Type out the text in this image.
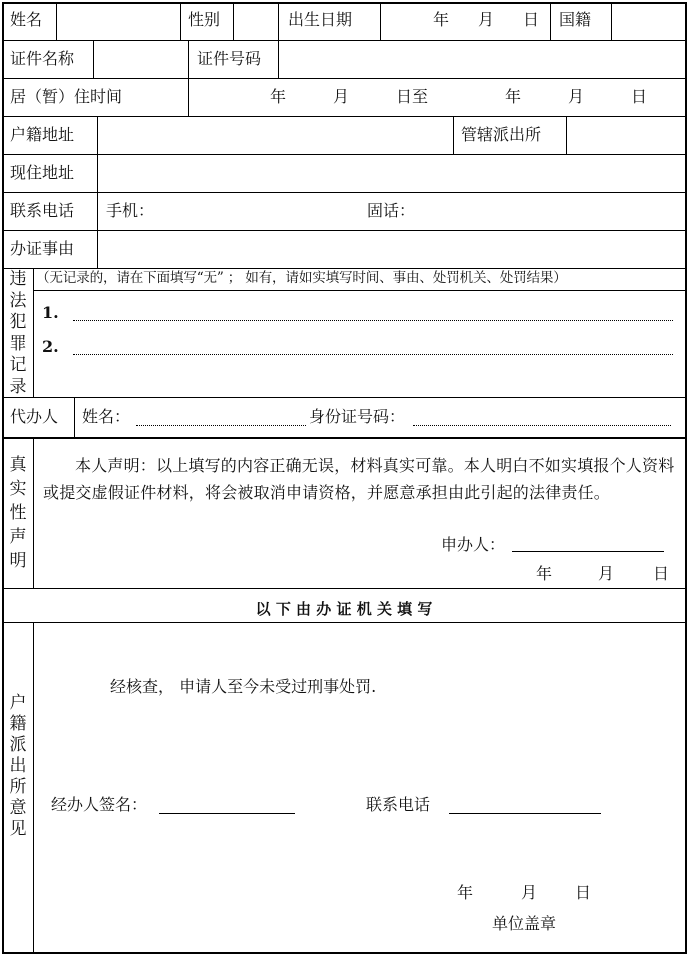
姓名	性别	出生日期	年 月 日 国籍
证件名称	证件号码
居（暂）住时间	年	月	日至	年	月	日
户籍地址	管辖派出所
现住地址
联系电话 手机：	固话：
办证事由
违法犯罪记录
（无记录的，请在下面填写“无” ； 如有，请如实填写时间、事由、处罚机关、处罚结果）
1.
2.
代办人 姓名：	身份证号码：
真实性声明
本人声明：以上填写的内容正确无误，材料真实可靠。本人明白不如实填报个人资料或提交虚假证件材料，将会被取消申请资格，并愿意承担由此引起的法律责任。
申办人：
年	月 日
以 下 由 办 证 机 关 填 写
户籍派出所意见
经核查， 申请人至今未受过刑事处罚.
经办人签名：	联系电话
年	月 日
单位盖章
